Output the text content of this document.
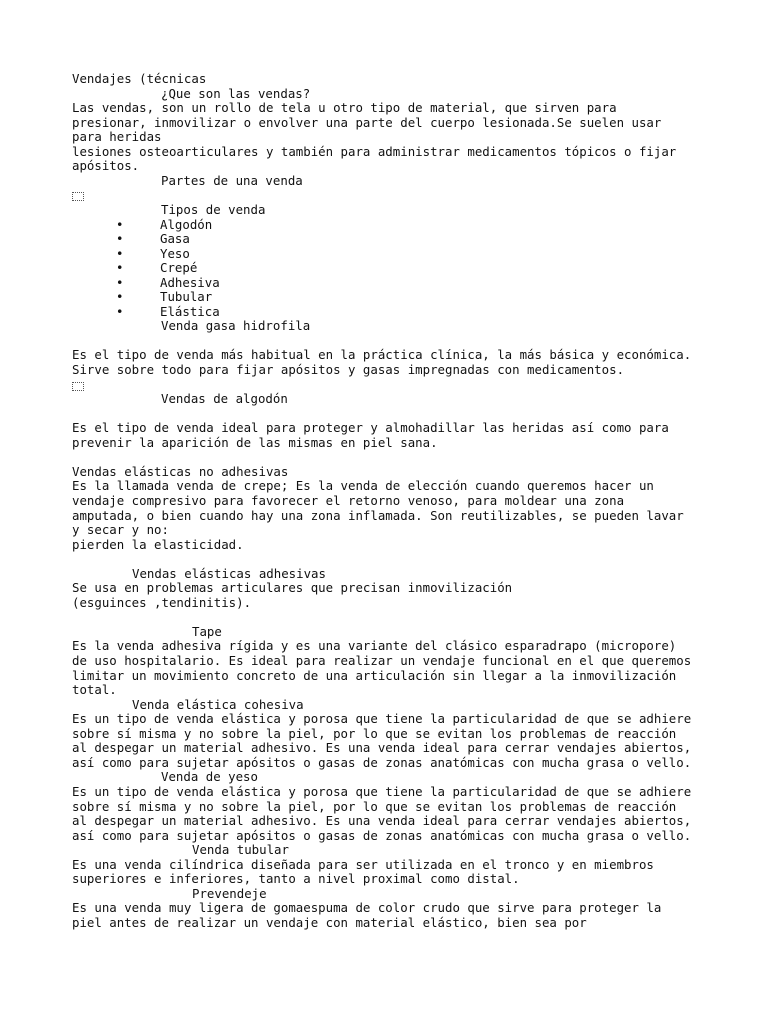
Vendajes (técnicas

¿Que son las vendas?

Las vendas, son un rollo de tela u otro tipo de material, que sirven para

presionar, inmovilizar o envolver una parte del cuerpo lesionada.Se suelen usar

para heridas

lesiones osteoarticulares y también para administrar medicamentos tópicos o fijar

apósitos.

Partes de una venda

Tipos de venda

•	Algodón
•	Gasa
•	Yeso
•	Crepé
•	Adhesiva
•	Tubular
•	Elástica

Venda gasa hidrofila

Es el tipo de venda más habitual en la práctica clínica, la más básica y económica.

Sirve sobre todo para fijar apósitos y gasas impregnadas con medicamentos.

Vendas de algodón

Es el tipo de venda ideal para proteger y almohadillar las heridas así como para

prevenir la aparición de las mismas en piel sana.

Vendas elásticas no adhesivas

Es la llamada venda de crepe; Es la venda de elección cuando queremos hacer un

vendaje compresivo para favorecer el retorno venoso, para moldear una zona

amputada, o bien cuando hay una zona inflamada. Son reutilizables, se pueden lavar

y secar y no:

pierden la elasticidad.

Vendas elásticas adhesivas

Se usa en problemas articulares que precisan inmovilización

(esguinces ,tendinitis).

Tape

Es la venda adhesiva rígida y es una variante del clásico esparadrapo (micropore)

de uso hospitalario. Es ideal para realizar un vendaje funcional en el que queremos

limitar un movimiento concreto de una articulación sin llegar a la inmovilización

total.

Venda elástica cohesiva

Es un tipo de venda elástica y porosa que tiene la particularidad de que se adhiere

sobre sí misma y no sobre la piel, por lo que se evitan los problemas de reacción

al despegar un material adhesivo. Es una venda ideal para cerrar vendajes abiertos,

así como para sujetar apósitos o gasas de zonas anatómicas con mucha grasa o vello.

Venda de yeso

Es un tipo de venda elástica y porosa que tiene la particularidad de que se adhiere

sobre sí misma y no sobre la piel, por lo que se evitan los problemas de reacción

al despegar un material adhesivo. Es una venda ideal para cerrar vendajes abiertos,

así como para sujetar apósitos o gasas de zonas anatómicas con mucha grasa o vello.

Venda tubular

Es una venda cilíndrica diseñada para ser utilizada en el tronco y en miembros

superiores e inferiores, tanto a nivel proximal como distal.

Prevendeje

Es una venda muy ligera de gomaespuma de color crudo que sirve para proteger la

piel antes de realizar un vendaje con material elástico, bien sea por
